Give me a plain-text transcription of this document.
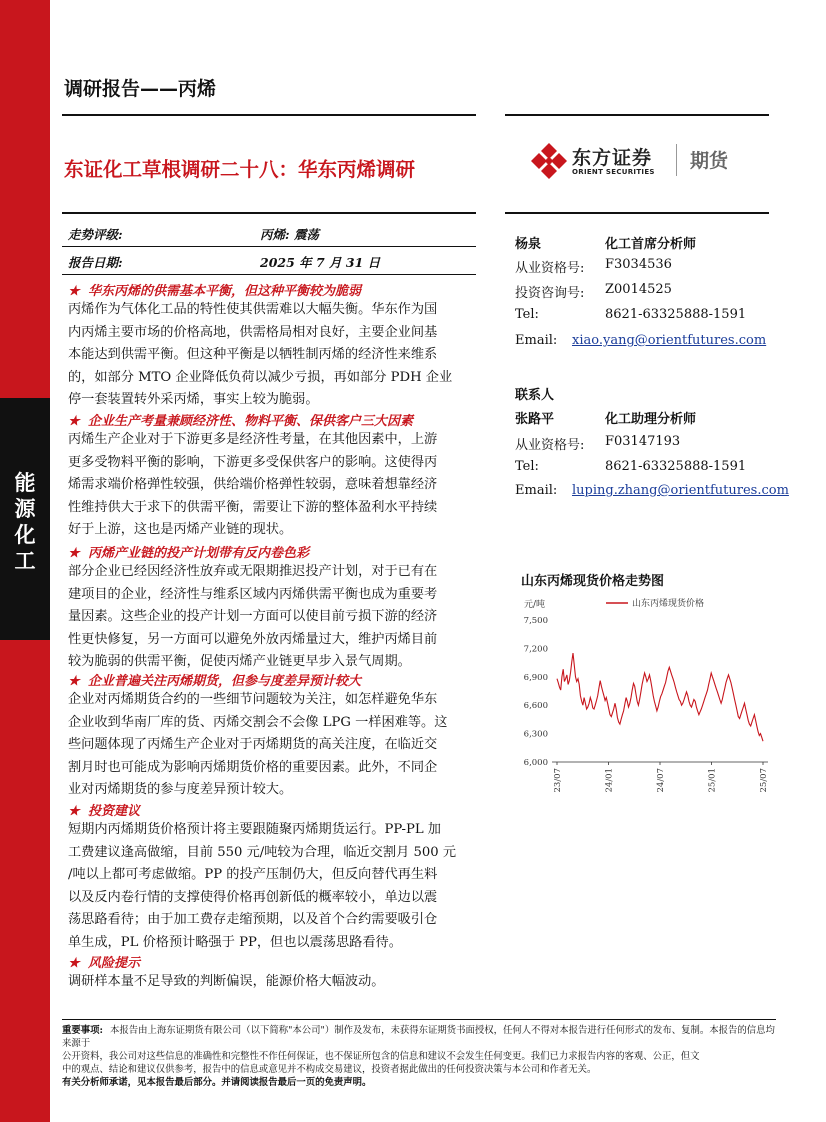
能
源
化
工
调研报告——丙烯
东证化工草根调研二十八：华东丙烯调研	东方证券
ORIENT SECURITIES 期货
走势评级:	丙烯: 震荡
报告日期:	2025 年 7 月 31 日
★ 华东丙烯的供需基本平衡，但这种平衡较为脆弱
丙烯作为气体化工品的特性使其供需难以大幅失衡。华东作为国
内丙烯主要市场的价格高地，供需格局相对良好，主要企业间基
本能达到供需平衡。但这种平衡是以牺牲制丙烯的经济性来维系
的，如部分 MTO 企业降低负荷以减少亏损，再如部分 PDH 企业
停一套装置转外采丙烯，事实上较为脆弱。
★ 企业生产考量兼顾经济性、物料平衡、保供客户三大因素
丙烯生产企业对于下游更多是经济性考量，在其他因素中，上游
更多受物料平衡的影响，下游更多受保供客户的影响。这使得丙
烯需求端价格弹性较强，供给端价格弹性较弱，意味着想靠经济
性维持供大于求下的供需平衡，需要让下游的整体盈利水平持续
好于上游，这也是丙烯产业链的现状。
★ 丙烯产业链的投产计划带有反内卷色彩
部分企业已经因经济性放弃或无限期推迟投产计划，对于已有在
建项目的企业，经济性与维系区域内丙烯供需平衡也成为重要考
量因素。这些企业的投产计划一方面可以使目前亏损下游的经济
性更快修复，另一方面可以避免外放丙烯量过大，维护丙烯目前
较为脆弱的供需平衡，促使丙烯产业链更早步入景气周期。
★ 企业普遍关注丙烯期货，但参与度差异预计较大
企业对丙烯期货合约的一些细节问题较为关注，如怎样避免华东
企业收到华南厂库的货、丙烯交割会不会像 LPG 一样困难等。这
些问题体现了丙烯生产企业对于丙烯期货的高关注度，在临近交
割月时也可能成为影响丙烯期货价格的重要因素。此外，不同企
业对丙烯期货的参与度差异预计较大。
★ 投资建议
短期内丙烯期货价格预计将主要跟随聚丙烯期货运行。PP-PL 加
工费建议逢高做缩，目前 550 元/吨较为合理，临近交割月 500 元
/吨以上都可考虑做缩。PP 的投产压制仍大，但反向替代再生料
以及反内卷行情的支撑使得价格再创新低的概率较小，单边以震
荡思路看待；由于加工费存走缩预期，以及首个合约需要吸引仓
单生成，PL 价格预计略强于 PP，但也以震荡思路看待。
★ 风险提示
调研样本量不足导致的判断偏误，能源价格大幅波动。
杨泉	化工首席分析师
从业资格号: F3034536
投资咨询号: Z0014525
Tel:	8621-63325888-1591
Email: xiao.yang@orientfutures.com
联系人
张路平	化工助理分析师
从业资格号: F03147193
Tel:	8621-63325888-1591
Email: luping.zhang@orientfutures.com
山东丙烯现货价格走势图
元/吨	山东丙烯现货价格
7,500
7,200
6,900
6,600
6,300
6,000
23/07	24/01	24/07	25/01	25/07
重要事项: 本报告由上海东证期货有限公司（以下简称"本公司"）制作及发布，未获得东证期货书面授权，任何人不得对本报告进行任何形式的发布、复制。本报告的信息均来源于
公开资料，我公司对这些信息的准确性和完整性不作任何保证，也不保证所包含的信息和建议不会发生任何变更。我们已力求报告内容的客观、公正，但文
中的观点、结论和建议仅供参考，报告中的信息或意见并不构成交易建议，投资者据此做出的任何投资决策与本公司和作者无关。
有关分析师承诺，见本报告最后部分。并请阅读报告最后一页的免责声明。
